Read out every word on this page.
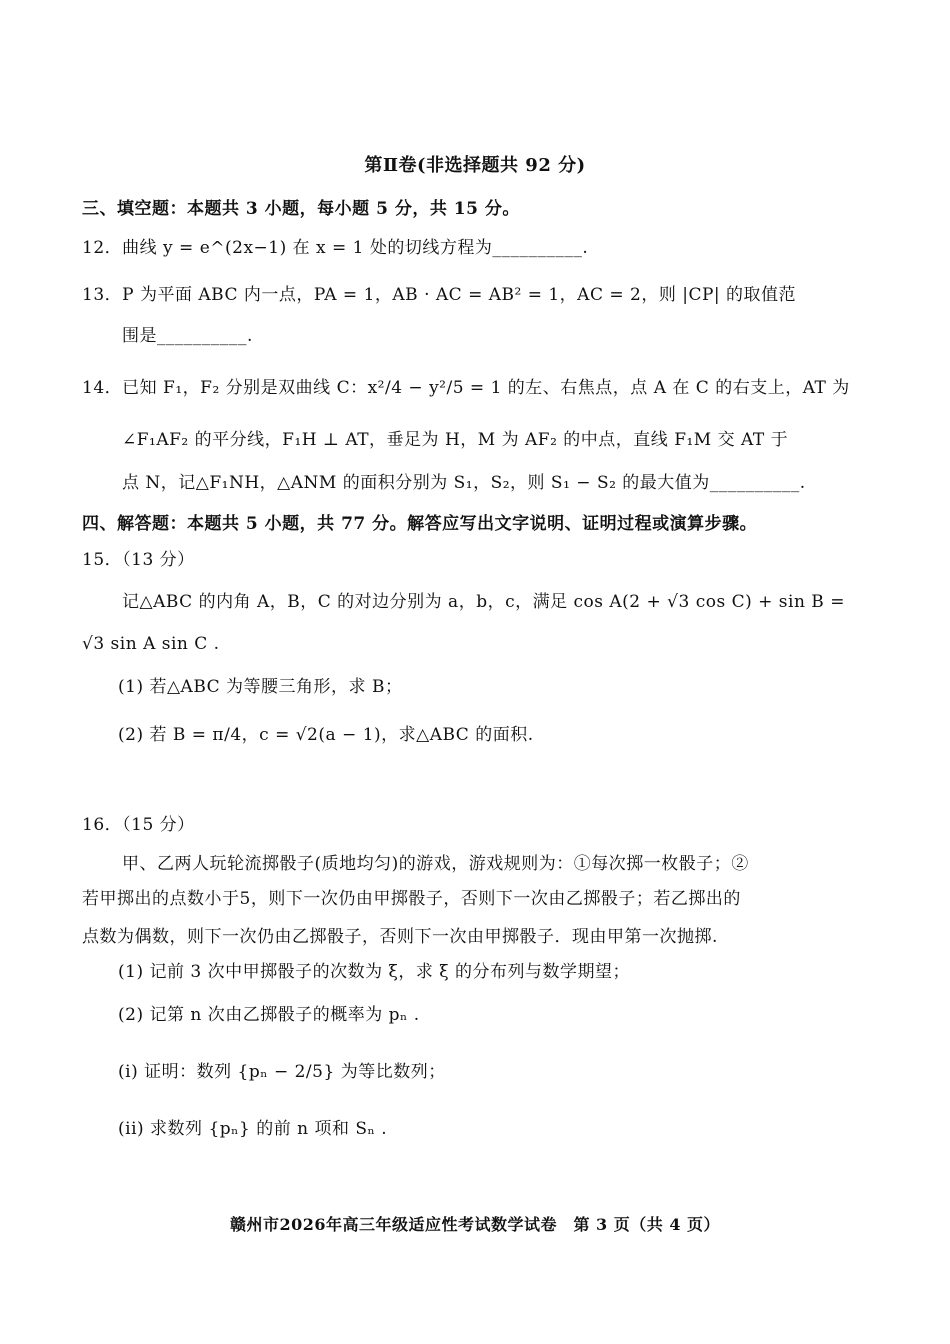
第Ⅱ卷(非选择题共 92 分)
三、填空题：本题共 3 小题，每小题 5 分，共 15 分。
12．曲线 y = e^(2x−1) 在 x = 1 处的切线方程为__________.
13．P 为平面 ABC 内一点，PA = 1，AB · AC = AB² = 1，AC = 2，则 |CP| 的取值范
围是__________.
14．已知 F₁，F₂ 分别是双曲线 C：x²/4 − y²/5 = 1 的左、右焦点，点 A 在 C 的右支上，AT 为
∠F₁AF₂ 的平分线，F₁H ⊥ AT，垂足为 H，M 为 AF₂ 的中点，直线 F₁M 交 AT 于
点 N，记△F₁NH，△ANM 的面积分别为 S₁，S₂，则 S₁ − S₂ 的最大值为__________.
四、解答题：本题共 5 小题，共 77 分。解答应写出文字说明、证明过程或演算步骤。
15．（13 分）
记△ABC 的内角 A，B，C 的对边分别为 a，b，c，满足 cos A(2 + √3 cos C) + sin B =
√3 sin A sin C .
(1) 若△ABC 为等腰三角形，求 B；
(2) 若 B = π/4，c = √2(a − 1)，求△ABC 的面积.
16．（15 分）
甲、乙两人玩轮流掷骰子(质地均匀)的游戏，游戏规则为：①每次掷一枚骰子；②
若甲掷出的点数小于5，则下一次仍由甲掷骰子，否则下一次由乙掷骰子；若乙掷出的
点数为偶数，则下一次仍由乙掷骰子，否则下一次由甲掷骰子．现由甲第一次抛掷.
(1) 记前 3 次中甲掷骰子的次数为 ξ，求 ξ 的分布列与数学期望；
(2) 记第 n 次由乙掷骰子的概率为 pₙ .
(i) 证明：数列 {pₙ − 2/5} 为等比数列；
(ii) 求数列 {pₙ} 的前 n 项和 Sₙ .
赣州市2026年高三年级适应性考试数学试卷　第 3 页（共 4 页）
